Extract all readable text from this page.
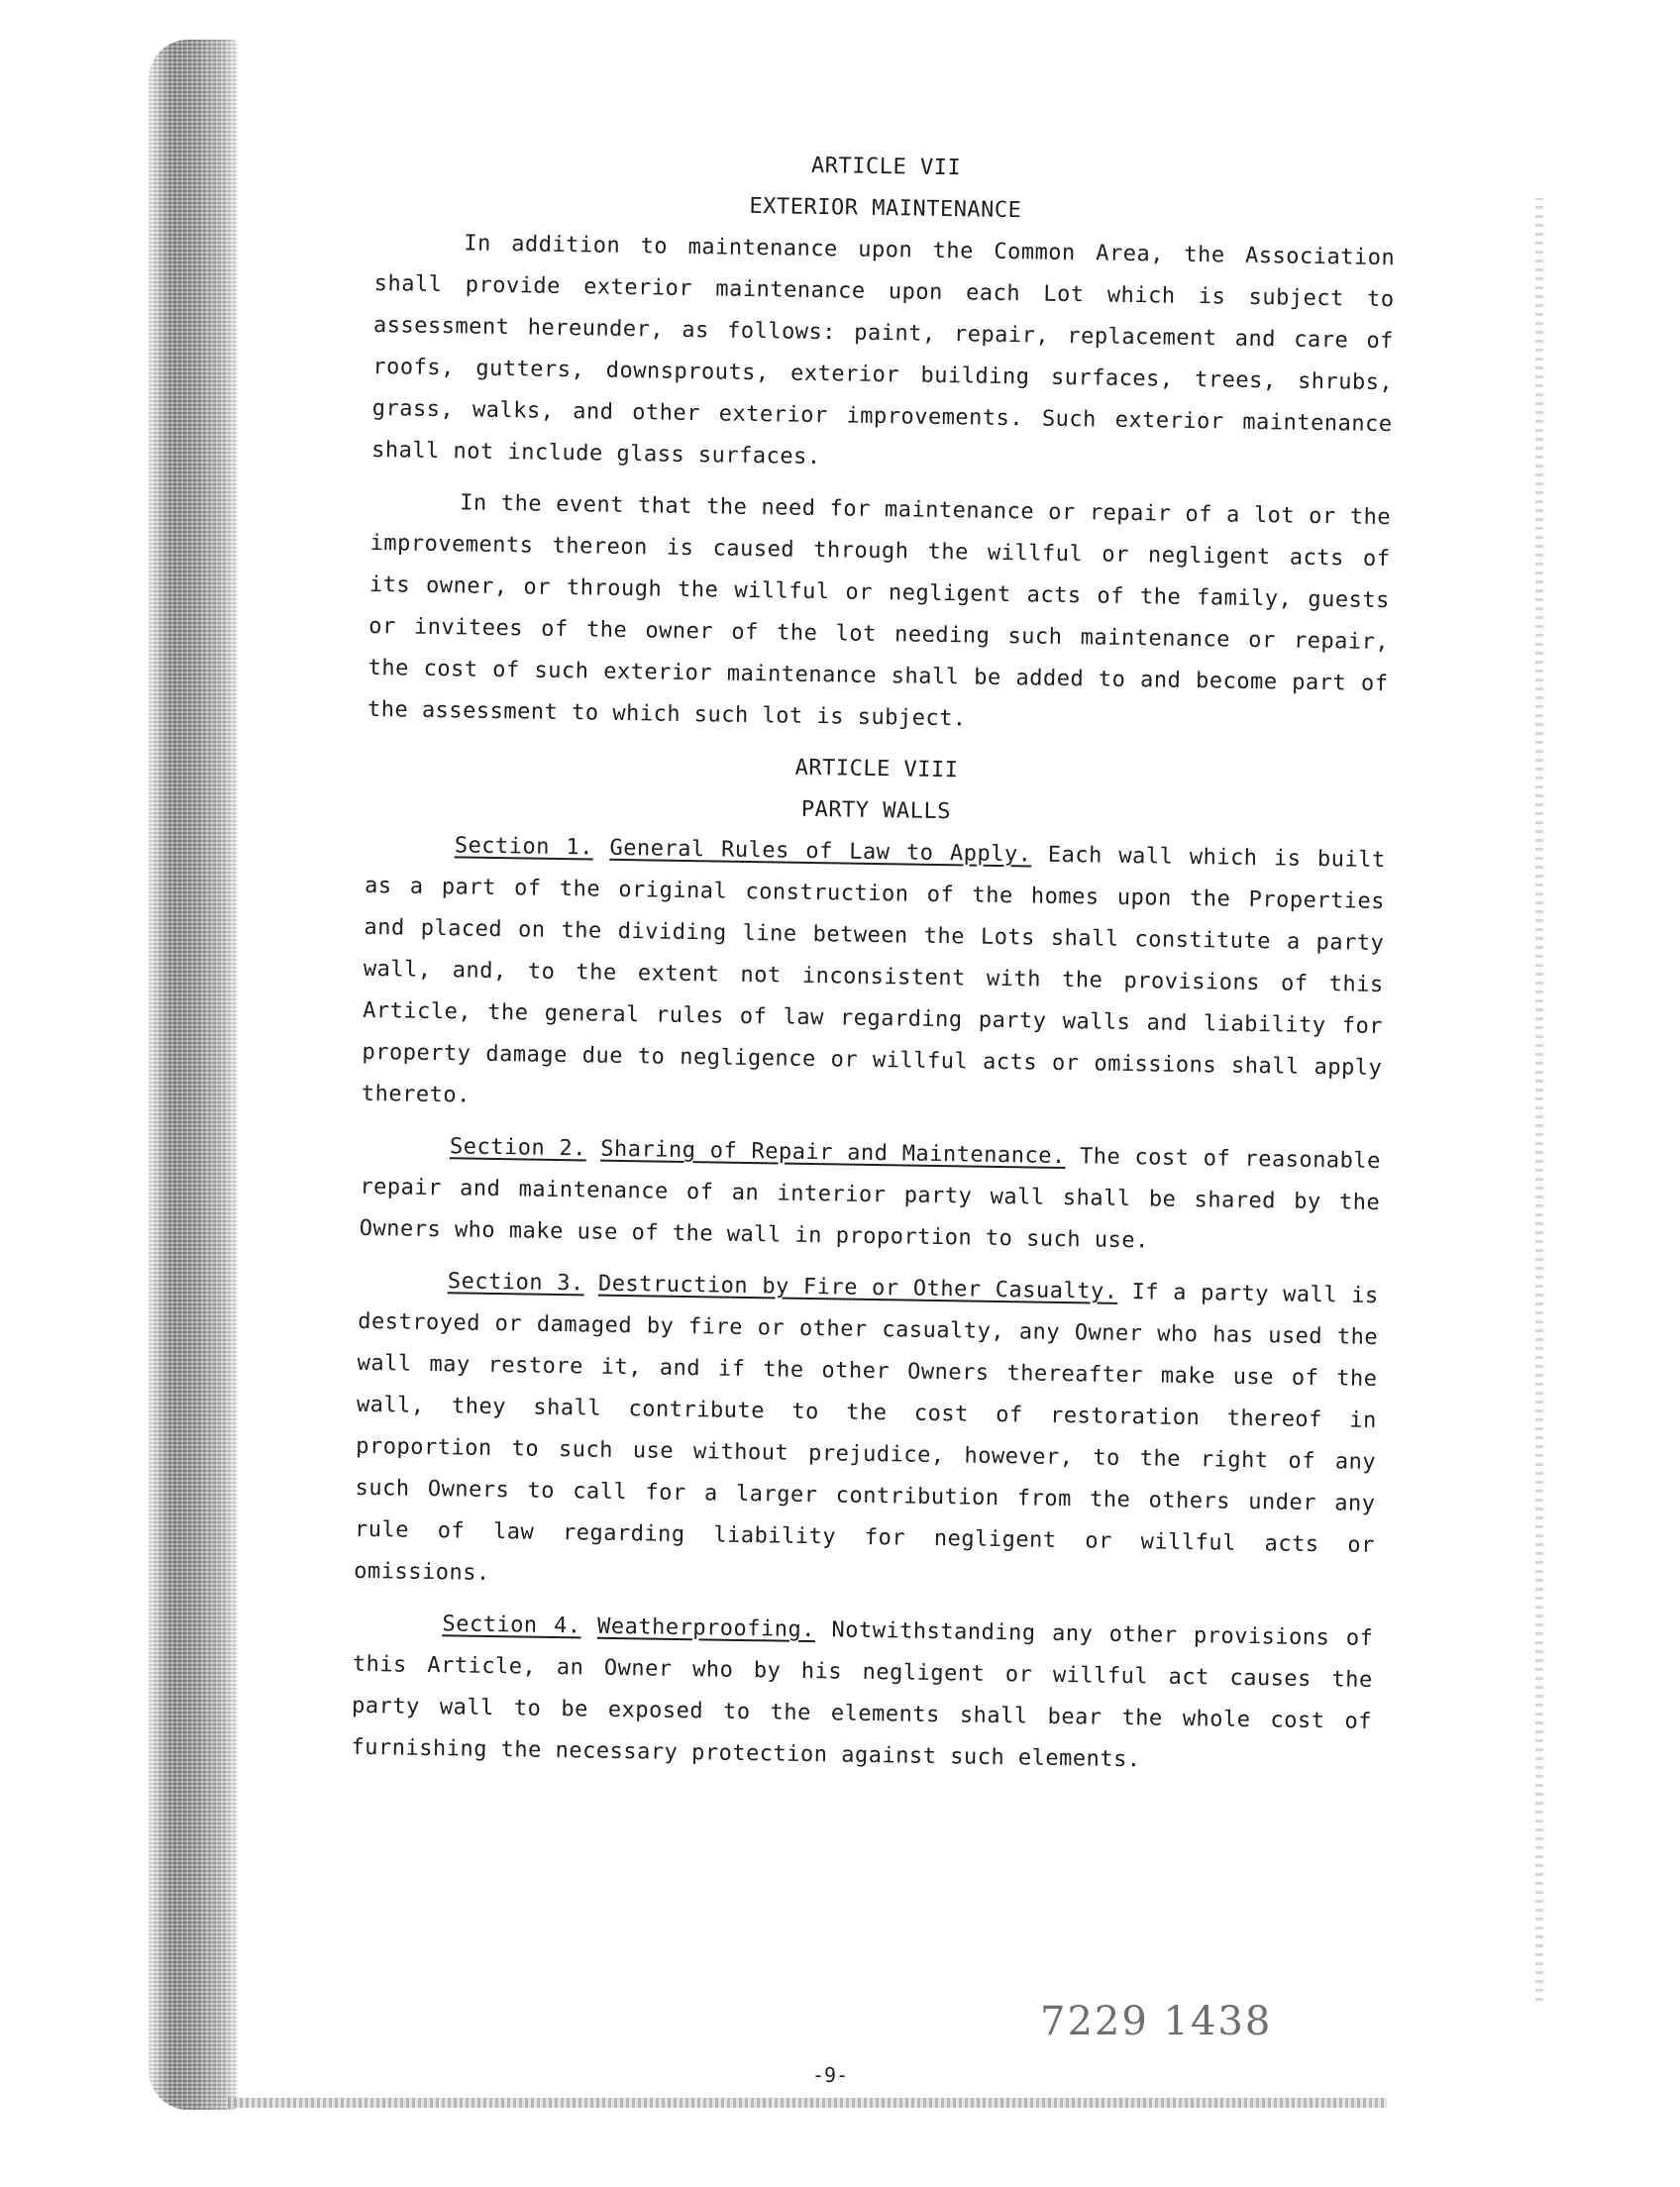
ARTICLE VII
EXTERIOR MAINTENANCE

In addition to maintenance upon the Common Area, the Association shall provide exterior maintenance upon each Lot which is subject to assessment hereunder, as follows: paint, repair, replacement and care of roofs, gutters, downsprouts, exterior building surfaces, trees, shrubs, grass, walks, and other exterior improvements. Such exterior maintenance shall not include glass surfaces.

In the event that the need for maintenance or repair of a lot or the improvements thereon is caused through the willful or negligent acts of its owner, or through the willful or negligent acts of the family, guests or invitees of the owner of the lot needing such maintenance or repair, the cost of such exterior maintenance shall be added to and become part of the assessment to which such lot is subject.

ARTICLE VIII
PARTY WALLS

Section 1. General Rules of Law to Apply. Each wall which is built as a part of the original construction of the homes upon the Properties and placed on the dividing line between the Lots shall constitute a party wall, and, to the extent not inconsistent with the provisions of this Article, the general rules of law regarding party walls and liability for property damage due to negligence or willful acts or omissions shall apply thereto.

Section 2. Sharing of Repair and Maintenance. The cost of reasonable repair and maintenance of an interior party wall shall be shared by the Owners who make use of the wall in proportion to such use.

Section 3. Destruction by Fire or Other Casualty. If a party wall is destroyed or damaged by fire or other casualty, any Owner who has used the wall may restore it, and if the other Owners thereafter make use of the wall, they shall contribute to the cost of restoration thereof in proportion to such use without prejudice, however, to the right of any such Owners to call for a larger contribution from the others under any rule of law regarding liability for negligent or willful acts or omissions.

Section 4. Weatherproofing. Notwithstanding any other provisions of this Article, an Owner who by his negligent or willful act causes the party wall to be exposed to the elements shall bear the whole cost of furnishing the necessary protection against such elements.

7229 1438
-9-
